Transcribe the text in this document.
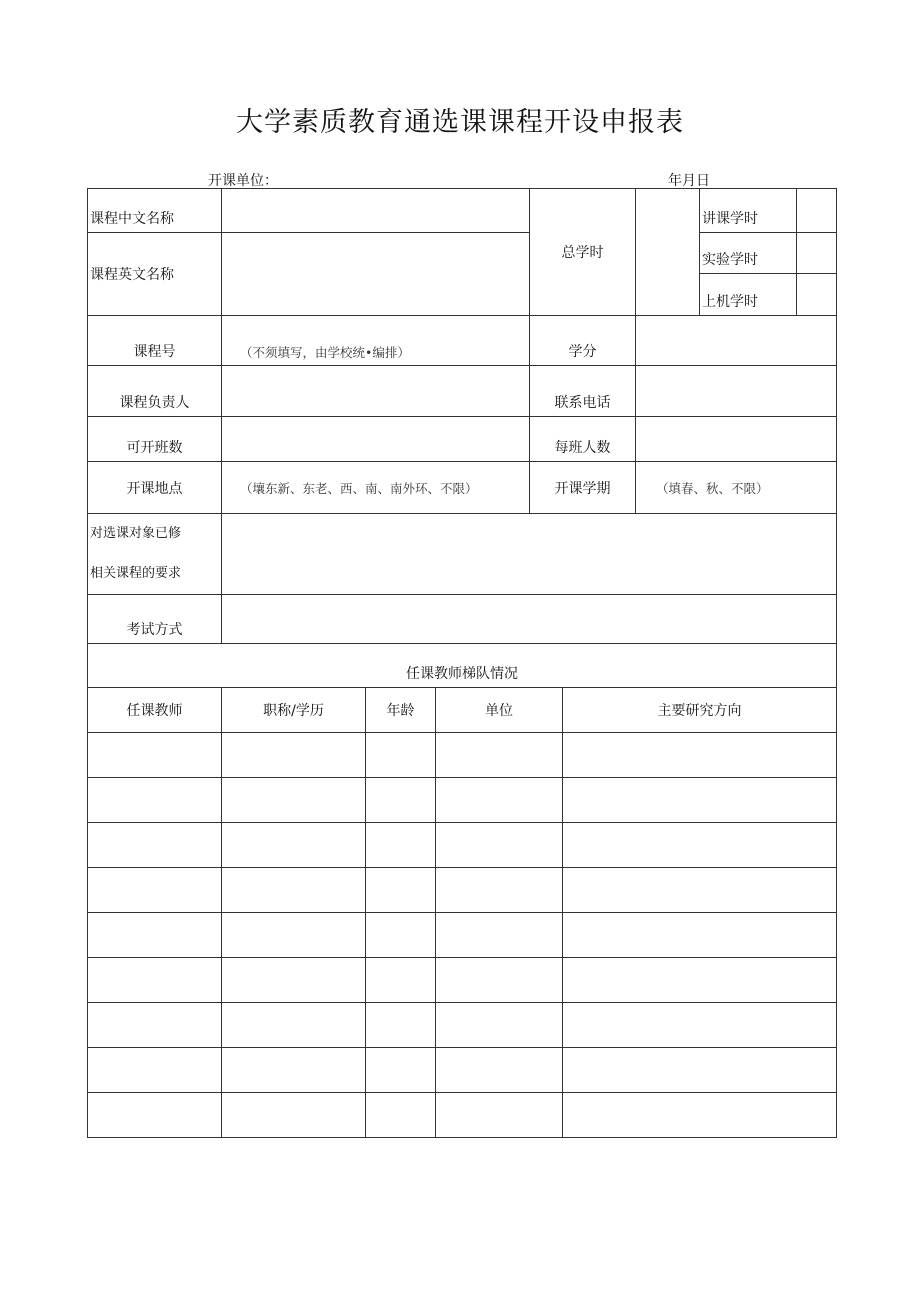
大学素质教育通选课课程开设申报表
开课单位：	年月日
课程中文名称		总学时		讲课学时	
课程英文名称				实验学时	
				上机学时	
课程号	（不须填写，由学校统•编排）	学分			
课程负责人		联系电话			
可开班数		每班人数			
开课地点	（壤东新、东老、西、南、南外环、不限）	开课学期	（填春、秋、不限）		
对选课对象已修
相关课程的要求					
考试方式					
任课教师梯队情况					
任课教师	职称/学历	年龄	单位	主要研究方向
